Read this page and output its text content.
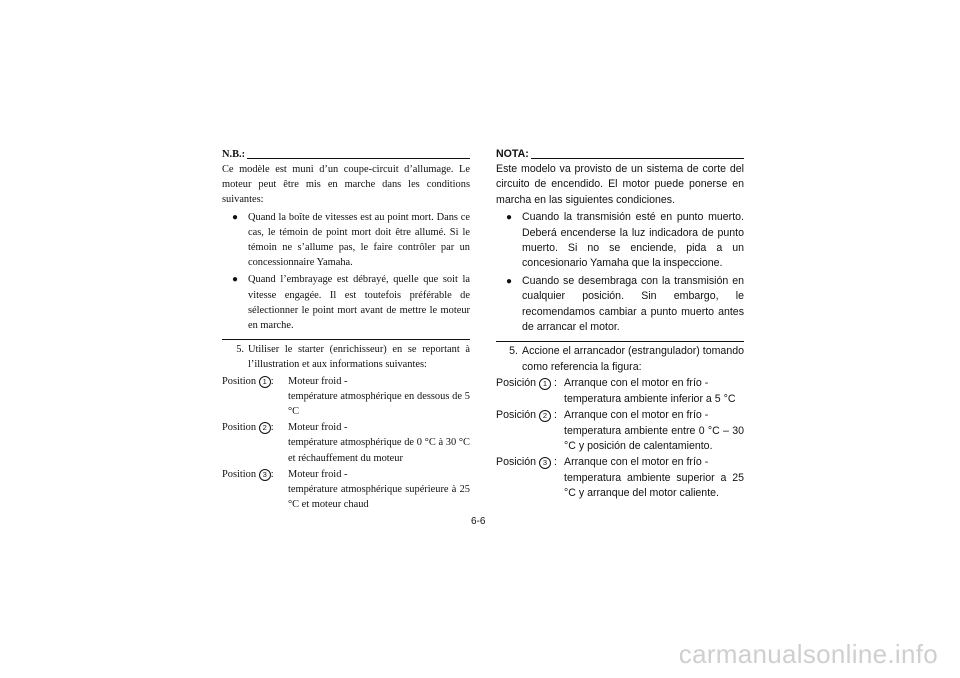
N.B.:
Ce modèle est muni d’un coupe-circuit d’allumage. Le moteur peut être mis en marche dans les conditions suivantes:
● Quand la boîte de vitesses est au point mort. Dans ce cas, le témoin de point mort doit être allumé. Si le témoin ne s’allume pas, le faire contrôler par un concessionnaire Yamaha.
● Quand l’embrayage est débrayé, quelle que soit la vitesse engagée. Il est toutefois préférable de sélectionner le point mort avant de mettre le moteur en marche.
5. Utiliser le starter (enrichisseur) en se reportant à l’illustration et aux informations suivantes:
Position 1 :	Moteur froid -
température atmosphérique en dessous de 5 °C
Position 2 :	Moteur froid -
température atmosphérique de 0 °C à 30 °C et réchauffement du moteur
Position 3 :	Moteur froid -
température atmosphérique supérieure à 25 °C et moteur chaud
NOTA:
Este modelo va provisto de un sistema de corte del circuito de encendido. El motor puede ponerse en marcha en las siguientes condiciones.
● Cuando la transmisión esté en punto muerto. Deberá encenderse la luz indicadora de punto muerto. Si no se enciende, pida a un concesionario Yamaha que la inspeccione.
● Cuando se desembraga con la transmisión en cualquier posición. Sin embargo, le recomendamos cambiar a punto muerto antes de arrancar el motor.
5. Accione el arrancador (estrangulador) tomando como referencia la figura:
Posición 1 : Arranque con el motor en frío -
temperatura ambiente inferior a 5 °C
Posición 2 : Arranque con el motor en frío -
temperatura ambiente entre 0 °C – 30 °C y posición de calentamiento.
Posición 3 : Arranque con el motor en frío -
temperatura ambiente superior a 25 °C y arranque del motor caliente.
6-6
carmanualsonline.info
